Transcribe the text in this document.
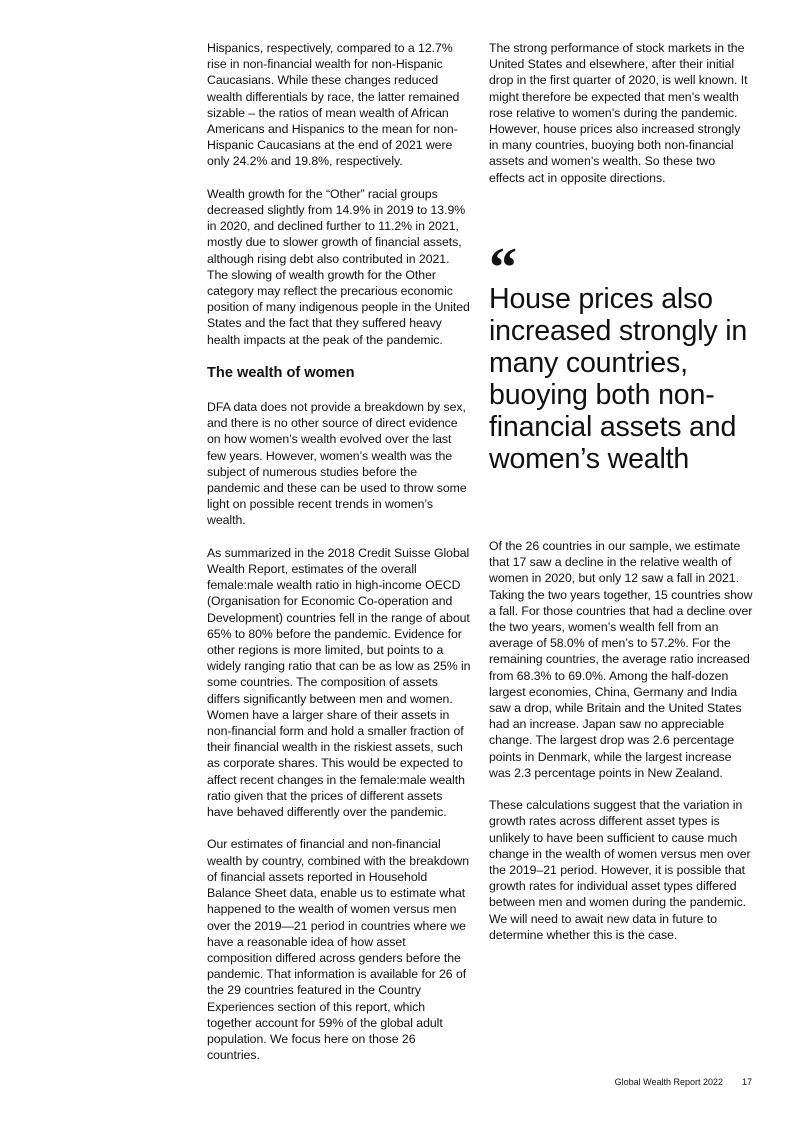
Hispanics, respectively, compared to a 12.7% rise in non-financial wealth for non-Hispanic Caucasians. While these changes reduced wealth differentials by race, the latter remained sizable – the ratios of mean wealth of African Americans and Hispanics to the mean for non-Hispanic Caucasians at the end of 2021 were only 24.2% and 19.8%, respectively.

Wealth growth for the “Other” racial groups decreased slightly from 14.9% in 2019 to 13.9% in 2020, and declined further to 11.2% in 2021, mostly due to slower growth of financial assets, although rising debt also contributed in 2021. The slowing of wealth growth for the Other category may reflect the precarious economic position of many indigenous people in the United States and the fact that they suffered heavy health impacts at the peak of the pandemic.

The wealth of women

DFA data does not provide a breakdown by sex, and there is no other source of direct evidence on how women’s wealth evolved over the last few years. However, women’s wealth was the subject of numerous studies before the pandemic and these can be used to throw some light on possible recent trends in women’s wealth.

As summarized in the 2018 Credit Suisse Global Wealth Report, estimates of the overall female:male wealth ratio in high-income OECD (Organisation for Economic Co-operation and Development) countries fell in the range of about 65% to 80% before the pandemic. Evidence for other regions is more limited, but points to a widely ranging ratio that can be as low as 25% in some countries. The composition of assets differs significantly between men and women. Women have a larger share of their assets in non-financial form and hold a smaller fraction of their financial wealth in the riskiest assets, such as corporate shares. This would be expected to affect recent changes in the female:male wealth ratio given that the prices of different assets have behaved differently over the pandemic.

Our estimates of financial and non-financial wealth by country, combined with the breakdown of financial assets reported in Household Balance Sheet data, enable us to estimate what happened to the wealth of women versus men over the 2019—21 period in countries where we have a reasonable idea of how asset composition differed across genders before the pandemic. That information is available for 26 of the 29 countries featured in the Country Experiences section of this report, which together account for 59% of the global adult population. We focus here on those 26 countries.

The strong performance of stock markets in the United States and elsewhere, after their initial drop in the first quarter of 2020, is well known. It might therefore be expected that men’s wealth rose relative to women’s during the pandemic. However, house prices also increased strongly in many countries, buoying both non-financial assets and women’s wealth. So these two effects act in opposite directions.

“
House prices also increased strongly in many countries, buoying both non-financial assets and women’s wealth

Of the 26 countries in our sample, we estimate that 17 saw a decline in the relative wealth of women in 2020, but only 12 saw a fall in 2021. Taking the two years together, 15 countries show a fall. For those countries that had a decline over the two years, women’s wealth fell from an average of 58.0% of men’s to 57.2%. For the remaining countries, the average ratio increased from 68.3% to 69.0%. Among the half-dozen largest economies, China, Germany and India saw a drop, while Britain and the United States had an increase. Japan saw no appreciable change. The largest drop was 2.6 percentage points in Denmark, while the largest increase was 2.3 percentage points in New Zealand.

These calculations suggest that the variation in growth rates across different asset types is unlikely to have been sufficient to cause much change in the wealth of women versus men over the 2019–21 period. However, it is possible that growth rates for individual asset types differed between men and women during the pandemic. We will need to await new data in future to determine whether this is the case.

Global Wealth Report 2022 17
